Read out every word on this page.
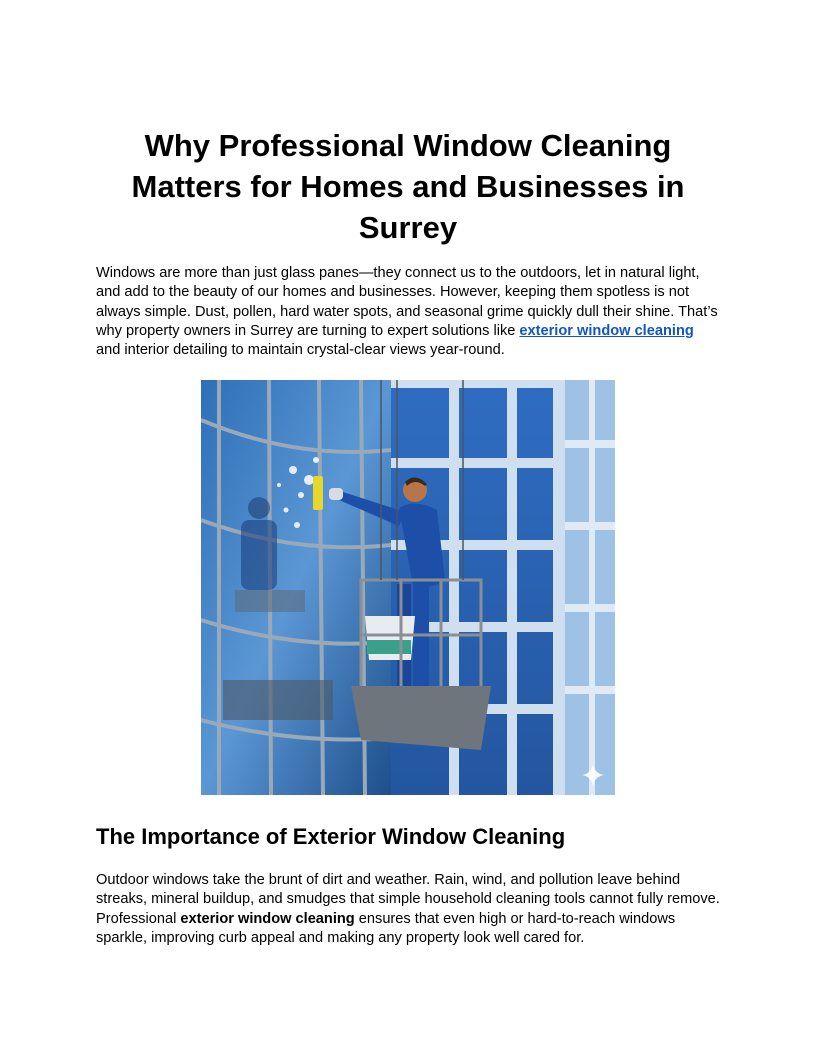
Why Professional Window Cleaning Matters for Homes and Businesses in Surrey

Windows are more than just glass panes—they connect us to the outdoors, let in natural light, and add to the beauty of our homes and businesses. However, keeping them spotless is not always simple. Dust, pollen, hard water spots, and seasonal grime quickly dull their shine. That’s why property owners in Surrey are turning to expert solutions like exterior window cleaning and interior detailing to maintain crystal-clear views year-round.

The Importance of Exterior Window Cleaning

Outdoor windows take the brunt of dirt and weather. Rain, wind, and pollution leave behind streaks, mineral buildup, and smudges that simple household cleaning tools cannot fully remove. Professional exterior window cleaning ensures that even high or hard-to-reach windows sparkle, improving curb appeal and making any property look well cared for.
